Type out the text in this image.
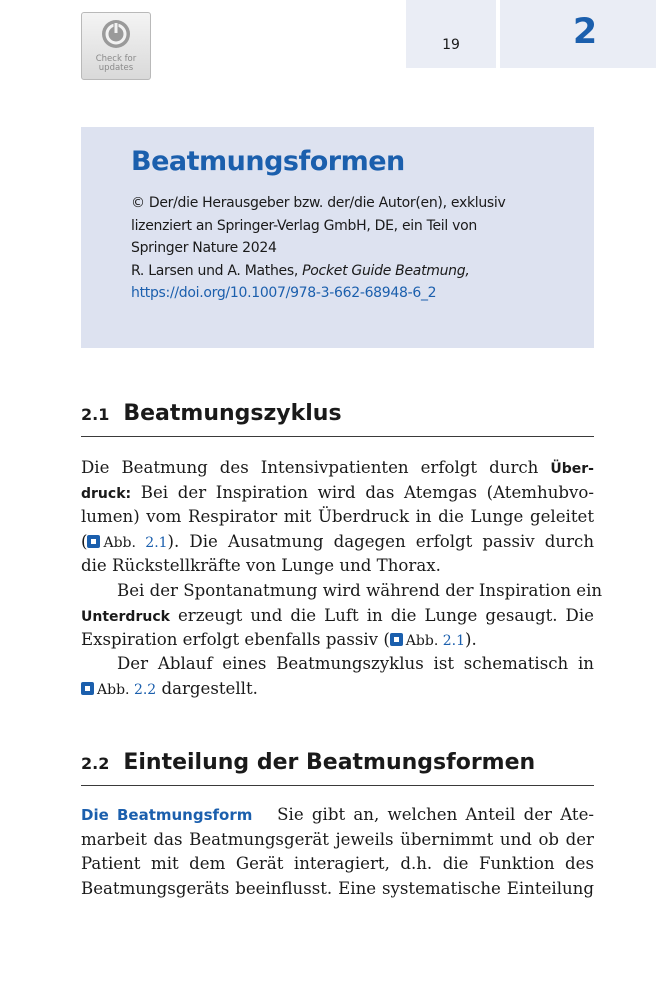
Check for
updates
19	2
Beatmungsformen
© Der/die Herausgeber bzw. der/die Autor(en), exklusiv
lizenziert an Springer-Verlag GmbH, DE, ein Teil von
Springer Nature 2024
R. Larsen und A. Mathes, Pocket Guide Beatmung,
https://doi.org/10.1007/978-3-662-68948-6_2
2.1 Beatmungszyklus

Die Beatmung des Intensivpatienten erfolgt durch Über-
druck: Bei der Inspiration wird das Atemgas (Atemhubvo-
lumen) vom Respirator mit Überdruck in die Lunge geleitet
( Abb. 2.1). Die Ausatmung dagegen erfolgt passiv durch
die Rückstellkräfte von Lunge und Thorax.

Bei der Spontanatmung wird während der Inspiration ein
Unterdruck erzeugt und die Luft in die Lunge gesaugt. Die
Exspiration erfolgt ebenfalls passiv ( Abb. 2.1).

Der Ablauf eines Beatmungszyklus ist schematisch in
Abb. 2.2 dargestellt.

2.2 Einteilung der Beatmungsformen

Die Beatmungsform   Sie gibt an, welchen Anteil der Ate-
marbeit das Beatmungsgerät jeweils übernimmt und ob der
Patient mit dem Gerät interagiert, d.h. die Funktion des
Beatmungsgeräts beeinflusst. Eine systematische Einteilung
